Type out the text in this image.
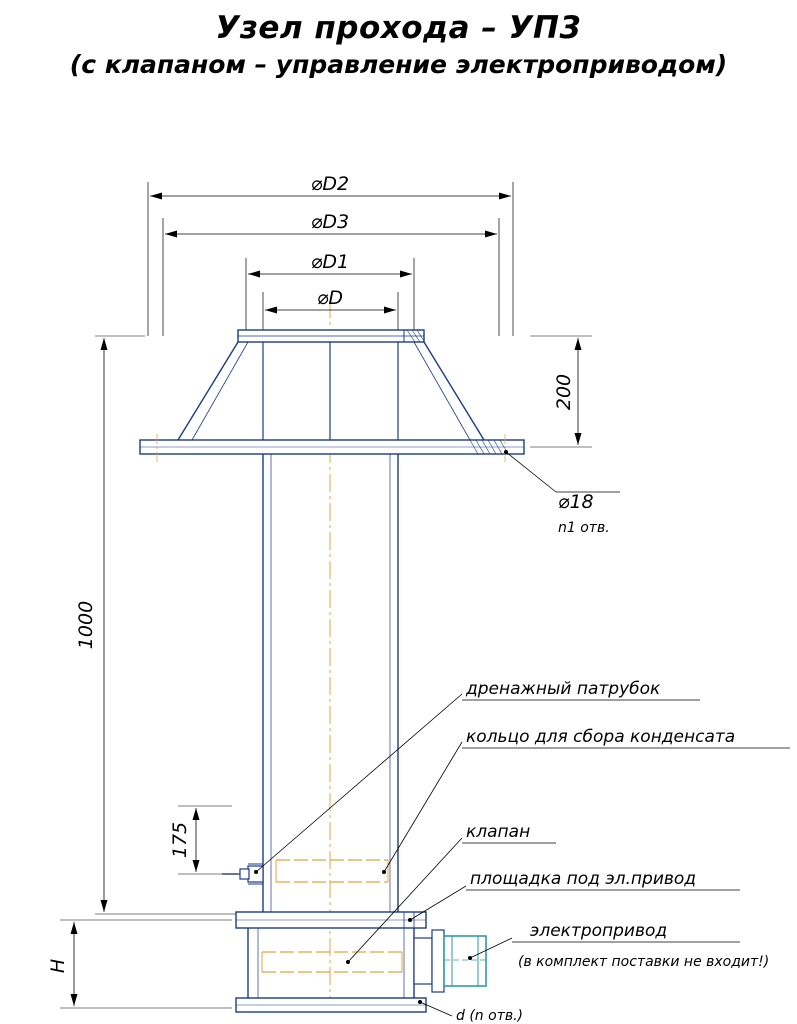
Узел прохода – УП3
(с клапаном – управление электроприводом)
⌀D2
⌀D3
⌀D1
⌀D
200
⌀18
n1 отв.
1000
175
H
дренажный патрубок
кольцо для сбора конденсата
клапан
площадка под эл.привод
электропривод
(в комплект поставки не входит!)
d (n отв.)
